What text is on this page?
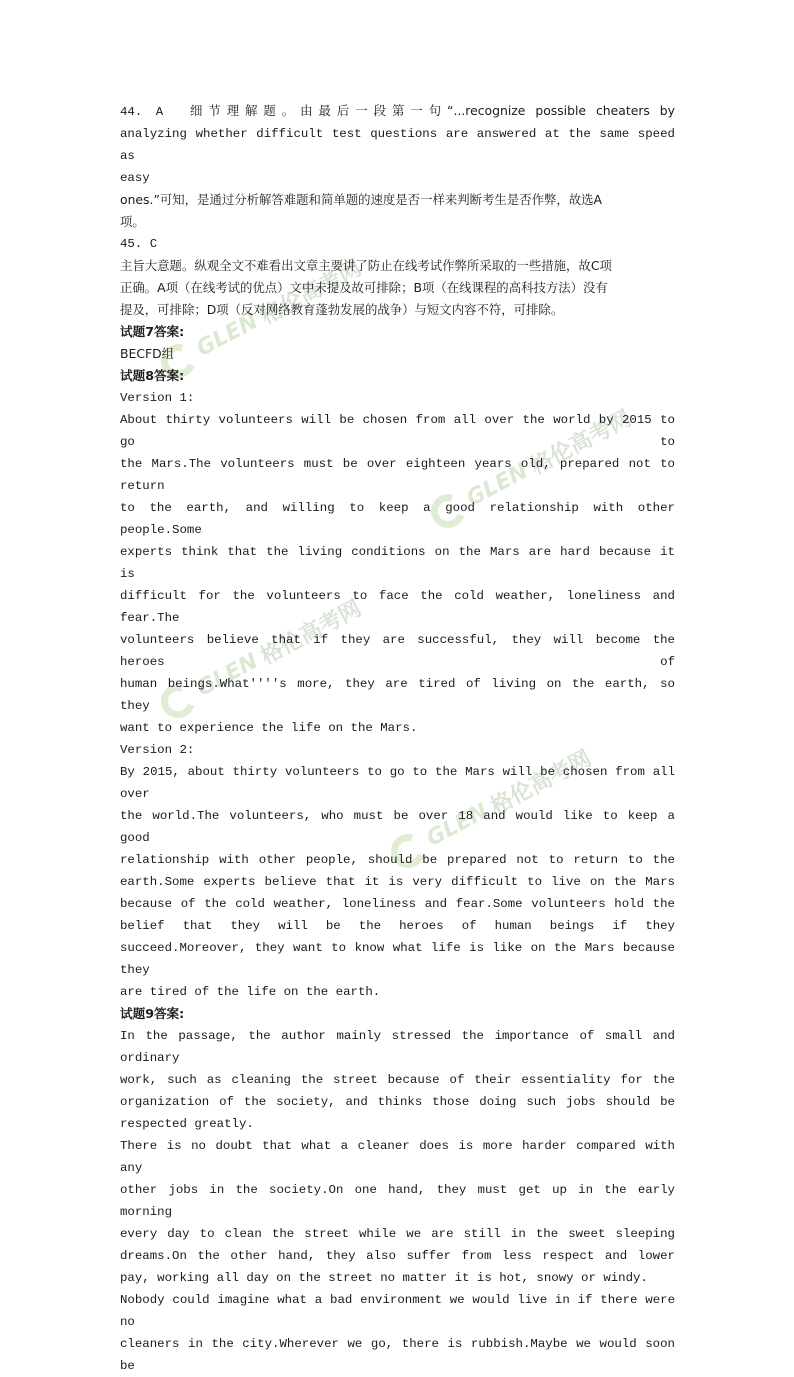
GLEN格伦高考网
GLEN格伦高考网
GLEN格伦高考网
GLEN格伦高考网

44. A 细节理解题。由最后一段第一句“...recognize possible cheaters by

analyzing whether difficult test questions are answered at the same speed as

easy

ones.”可知，是通过分析解答难题和简单题的速度是否一样来判断考生是否作弊，故选A

项。

45. C

主旨大意题。纵观全文不难看出文章主要讲了防止在线考试作弊所采取的一些措施，故C项

正确。A项（在线考试的优点）文中未提及故可排除；B项（在线课程的高科技方法）没有

提及，可排除；D项（反对网络教育蓬勃发展的战争）与短文内容不符，可排除。

试题7答案:

BECFD组

试题8答案:

Version 1:

About thirty volunteers will be chosen from all over the world by 2015 to go to

the Mars.The volunteers must be over eighteen years old, prepared not to return

to the earth, and willing to keep a good relationship with other people.Some

experts think that the living conditions on the Mars are hard because it is

difficult for the volunteers to face the cold weather, loneliness and fear.The

volunteers believe that if they are successful, they will become the heroes of

human beings.What''''s more, they are tired of living on the earth, so they

want to experience the life on the Mars.

Version 2:

By 2015, about thirty volunteers to go to the Mars will be chosen from all over

the world.The volunteers, who must be over 18 and would like to keep a good

relationship with other people, should be prepared not to return to the

earth.Some experts believe that it is very difficult to live on the Mars

because of the cold weather, loneliness and fear.Some volunteers hold the

belief that they will be the heroes of human beings if they

succeed.Moreover, they want to know what life is like on the Mars because they

are tired of the life on the earth.

试题9答案:

In the passage, the author mainly stressed the importance of small and ordinary

work, such as cleaning the street because of their essentiality for the

organization of the society, and thinks those doing such jobs should be

respected greatly.

There is no doubt that what a cleaner does is more harder compared with any

other jobs in the society.On one hand, they must get up in the early morning

every day to clean the street while we are still in the sweet sleeping

dreams.On the other hand, they also suffer from less respect and lower

pay, working all day on the street no matter it is hot, snowy or windy.

Nobody could imagine what a bad environment we would live in if there were no

cleaners in the city.Wherever we go, there is rubbish.Maybe we would soon be
